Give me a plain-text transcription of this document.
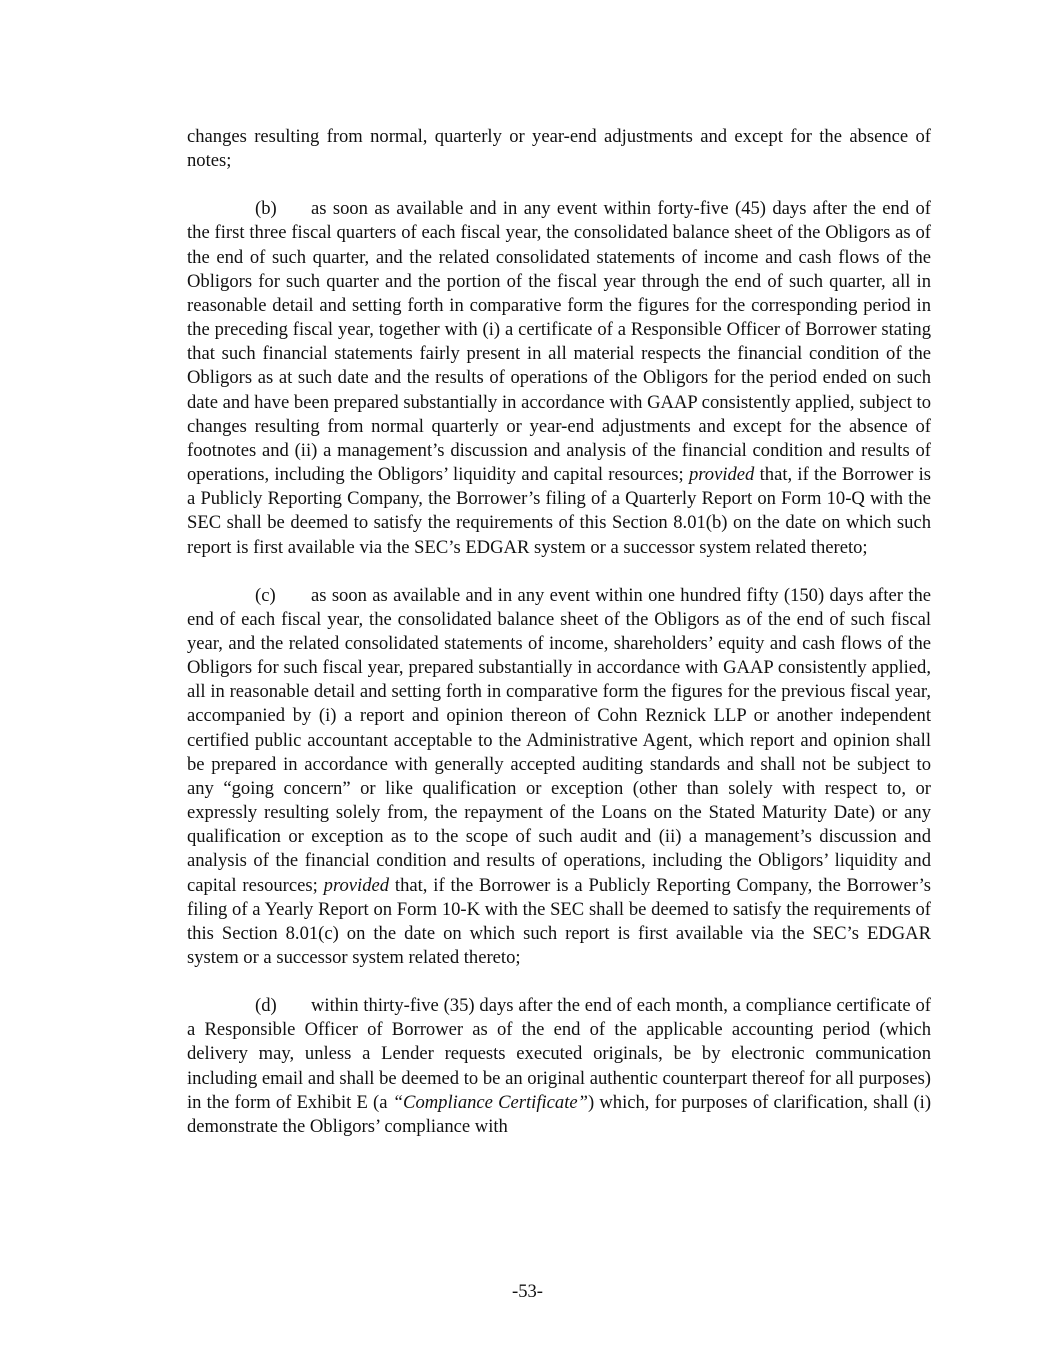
changes resulting from normal, quarterly or year-end adjustments and except for the absence of notes;

(b) as soon as available and in any event within forty-five (45) days after the end of the first three fiscal quarters of each fiscal year, the consolidated balance sheet of the Obligors as of the end of such quarter, and the related consolidated statements of income and cash flows of the Obligors for such quarter and the portion of the fiscal year through the end of such quarter, all in reasonable detail and setting forth in comparative form the figures for the corresponding period in the preceding fiscal year, together with (i) a certificate of a Responsible Officer of Borrower stating that such financial statements fairly present in all material respects the financial condition of the Obligors as at such date and the results of operations of the Obligors for the period ended on such date and have been prepared substantially in accordance with GAAP consistently applied, subject to changes resulting from normal quarterly or year-end adjustments and except for the absence of footnotes and (ii) a management’s discussion and analysis of the financial condition and results of operations, including the Obligors’ liquidity and capital resources; provided that, if the Borrower is a Publicly Reporting Company, the Borrower’s filing of a Quarterly Report on Form 10-Q with the SEC shall be deemed to satisfy the requirements of this Section 8.01(b) on the date on which such report is first available via the SEC’s EDGAR system or a successor system related thereto;

(c) as soon as available and in any event within one hundred fifty (150) days after the end of each fiscal year, the consolidated balance sheet of the Obligors as of the end of such fiscal year, and the related consolidated statements of income, shareholders’ equity and cash flows of the Obligors for such fiscal year, prepared substantially in accordance with GAAP consistently applied, all in reasonable detail and setting forth in comparative form the figures for the previous fiscal year, accompanied by (i) a report and opinion thereon of Cohn Reznick LLP or another independent certified public accountant acceptable to the Administrative Agent, which report and opinion shall be prepared in accordance with generally accepted auditing standards and shall not be subject to any “going concern” or like qualification or exception (other than solely with respect to, or expressly resulting solely from, the repayment of the Loans on the Stated Maturity Date) or any qualification or exception as to the scope of such audit and (ii) a management’s discussion and analysis of the financial condition and results of operations, including the Obligors’ liquidity and capital resources; provided that, if the Borrower is a Publicly Reporting Company, the Borrower’s filing of a Yearly Report on Form 10-K with the SEC shall be deemed to satisfy the requirements of this Section 8.01(c) on the date on which such report is first available via the SEC’s EDGAR system or a successor system related thereto;

(d) within thirty-five (35) days after the end of each month, a compliance certificate of a Responsible Officer of Borrower as of the end of the applicable accounting period (which delivery may, unless a Lender requests executed originals, be by electronic communication including email and shall be deemed to be an original authentic counterpart thereof for all purposes) in the form of Exhibit E (a “Compliance Certificate”) which, for purposes of clarification, shall (i) demonstrate the Obligors’ compliance with

-53-
